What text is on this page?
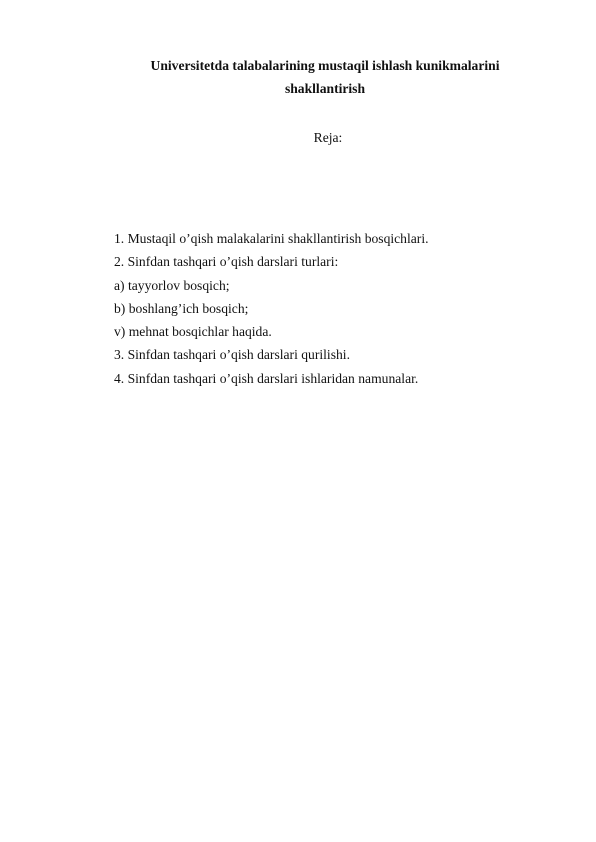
Universitetda talabalarining mustaqil ishlash kunikmalarini
shakllantirish
Reja:
1. Mustaqil o’qish malakalarini shakllantirish bosqichlari.
2. Sinfdan tashqari o’qish darslari turlari:
a) tayyorlov bosqich;
b) boshlang’ich bosqich;
v) mehnat bosqichlar haqida.
3. Sinfdan tashqari o’qish darslari qurilishi.
4. Sinfdan tashqari o’qish darslari ishlaridan namunalar.
